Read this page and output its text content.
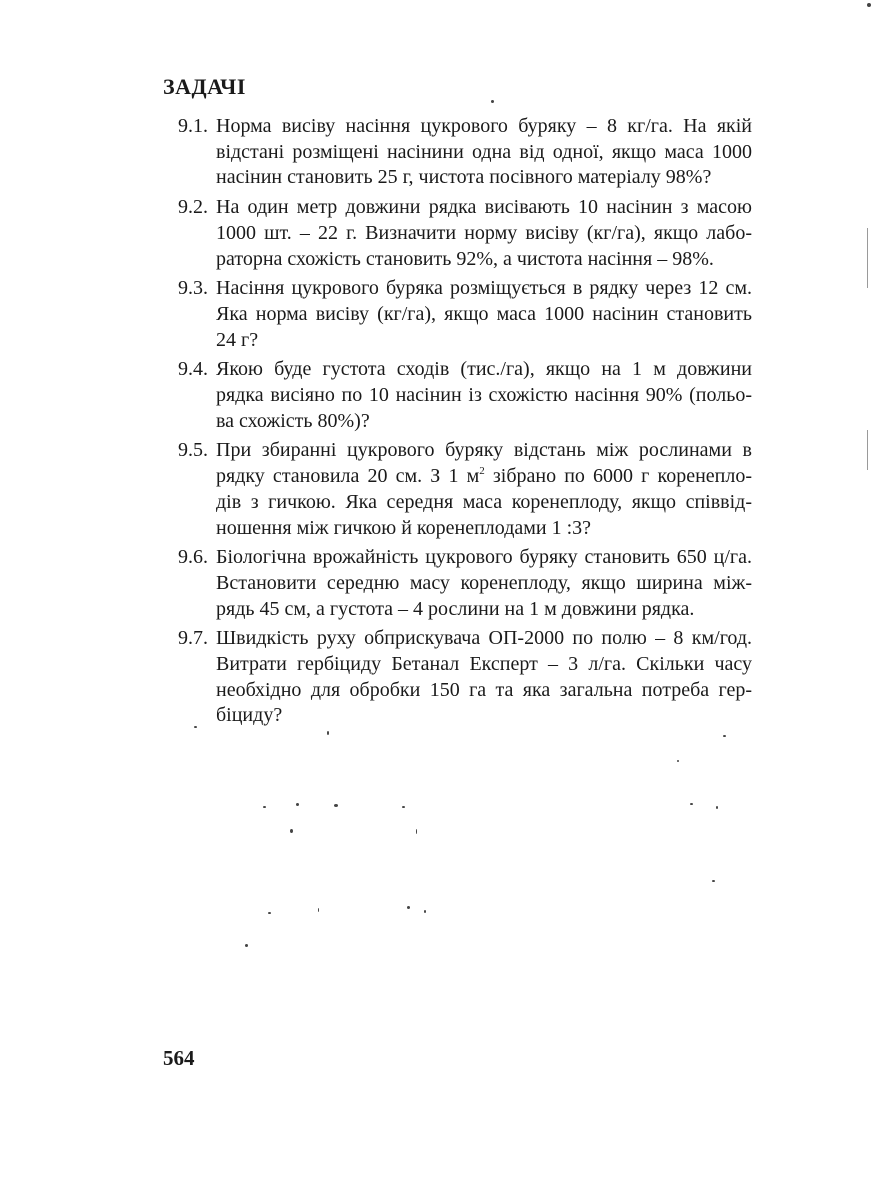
ЗАДАЧІ
9.1. Норма висіву насіння цукрового буряку – 8 кг/га. На якій
відстані розміщені насінини одна від одної, якщо маса 1000
насінин становить 25 г, чистота посівного матеріалу 98%?
9.2. На один метр довжини рядка висівають 10 насінин з масою
1000 шт. – 22 г. Визначити норму висіву (кг/га), якщо лабо-
раторна схожість становить 92%, а чистота насіння – 98%.
9.3. Насіння цукрового буряка розміщується в рядку через 12 см.
Яка норма висіву (кг/га), якщо маса 1000 насінин становить
24 г?
9.4. Якою буде густота сходів (тис./га), якщо на 1 м довжини
рядка висіяно по 10 насінин із схожістю насіння 90% (польо-
ва схожість 80%)?
9.5. При збиранні цукрового буряку відстань між рослинами в
рядку становила 20 см. З 1 $м^2$ зібрано по 6000 г коренепло-
дів з гичкою. Яка середня маса коренеплоду, якщо співвід-
ношення між гичкою й коренеплодами 1 :3?
9.6. Біологічна врожайність цукрового буряку становить 650 ц/га.
Встановити середню масу коренеплоду, якщо ширина між-
рядь 45 см, а густота – 4 рослини на 1 м довжини рядка.
9.7. Швидкість руху обприскувача ОП-2000 по полю – 8 км/год.
Витрати гербіциду Бетанал Експерт – 3 л/га. Скільки часу
необхідно для обробки 150 га та яка загальна потреба гер-
біциду?
564
